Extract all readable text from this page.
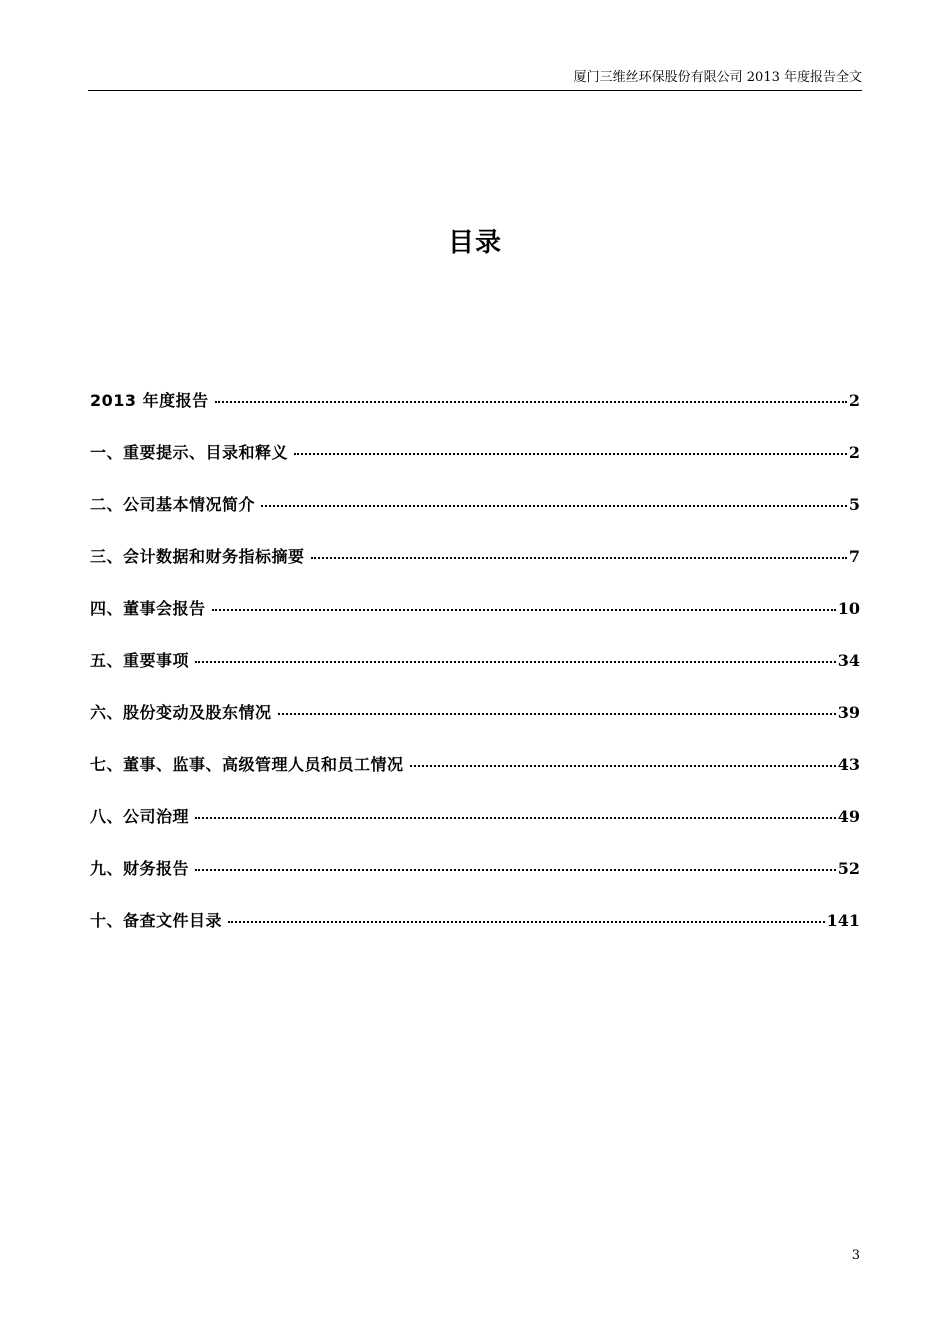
厦门三维丝环保股份有限公司 2013 年度报告全文
目录
2013 年度报告	2
一、重要提示、目录和释义	2
二、公司基本情况简介	5
三、会计数据和财务指标摘要	7
四、董事会报告	10
五、重要事项	34
六、股份变动及股东情况	39
七、董事、监事、高级管理人员和员工情况	43
八、公司治理	49
九、财务报告	52
十、备查文件目录	141
3
